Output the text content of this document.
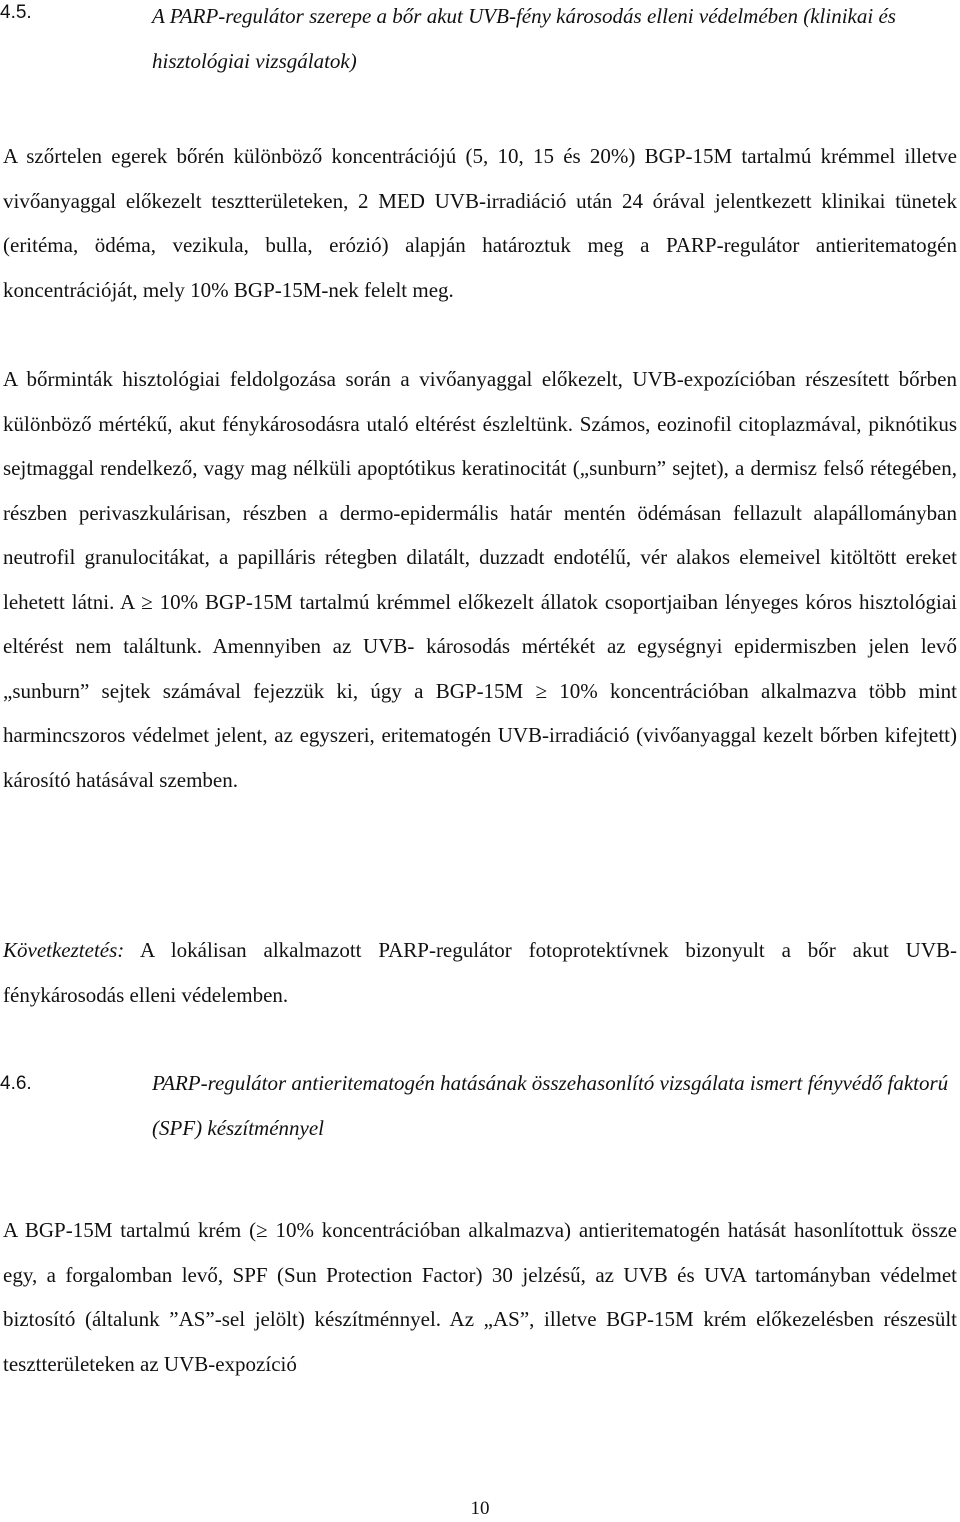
4.5.	A PARP-regulátor szerepe a bőr akut UVB-fény károsodás elleni védelmében (klinikai és hisztológiai vizsgálatok)

A szőrtelen egerek bőrén különböző koncentrációjú (5, 10, 15 és 20%) BGP-15M tartalmú krémmel illetve vivőanyaggal előkezelt tesztterületeken, 2 MED UVB-irradiáció után 24 órával jelentkezett klinikai tünetek (eritéma, ödéma, vezikula, bulla, erózió) alapján határoztuk meg a PARP-regulátor antieritematogén koncentrációját, mely 10% BGP-15M-nek felelt meg.

A bőrminták hisztológiai feldolgozása során a vivőanyaggal előkezelt, UVB-expozícióban részesített bőrben különböző mértékű, akut fénykárosodásra utaló eltérést észleltünk. Számos, eozinofil citoplazmával, piknótikus sejtmaggal rendelkező, vagy mag nélküli apoptótikus keratinocitát („sunburn” sejtet), a dermisz felső rétegében, részben perivaszkulárisan, részben a dermo-epidermális határ mentén ödémásan fellazult alapállományban neutrofil granulocitákat, a papilláris rétegben dilatált, duzzadt endotélű, vér alakos elemeivel kitöltött ereket lehetett látni. A ≥ 10% BGP-15M tartalmú krémmel előkezelt állatok csoportjaiban lényeges kóros hisztológiai eltérést nem találtunk. Amennyiben az UVB- károsodás mértékét az egységnyi epidermiszben jelen levő „sunburn” sejtek számával fejezzük ki, úgy a BGP-15M ≥ 10% koncentrációban alkalmazva több mint harmincszoros védelmet jelent, az egyszeri, eritematogén UVB-irradiáció (vivőanyaggal kezelt bőrben kifejtett) károsító hatásával szemben.

Következtetés: A lokálisan alkalmazott PARP-regulátor fotoprotektívnek bizonyult a bőr akut UVB-fénykárosodás elleni védelemben.

4.6.	PARP-regulátor antieritematogén hatásának összehasonlító vizsgálata ismert fényvédő faktorú (SPF) készítménnyel

A BGP-15M tartalmú krém (≥ 10% koncentrációban alkalmazva) antieritematogén hatását hasonlítottuk össze egy, a forgalomban levő, SPF (Sun Protection Factor) 30 jelzésű, az UVB és UVA tartományban védelmet biztosító (általunk ”AS”-sel jelölt) készítménnyel. Az „AS”, illetve BGP-15M krém előkezelésben részesült tesztterületeken az UVB-expozíció

10
